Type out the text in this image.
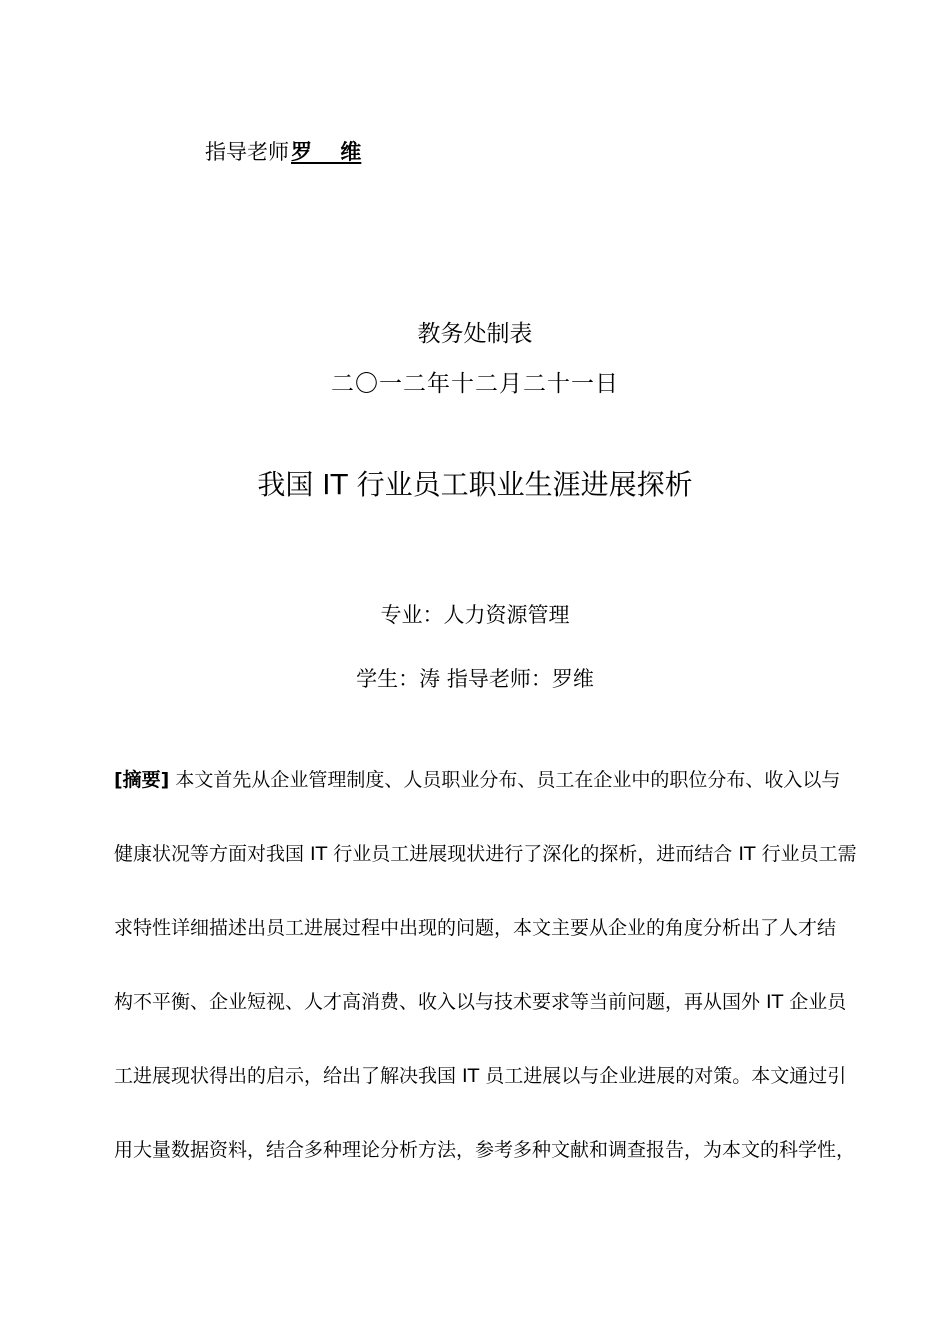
指导老师罗　 维
教务处制表
二〇一二年十二月二十一日
我国 IT 行业员工职业生涯进展探析
专业：人力资源管理
学生：涛 指导老师：罗维
[摘要] 本文首先从企业管理制度、人员职业分布、员工在企业中的职位分布、收入以与
健康状况等方面对我国 IT 行业员工进展现状进行了深化的探析，进而结合 IT 行业员工需
求特性详细描述出员工进展过程中出现的问题，本文主要从企业的角度分析出了人才结
构不平衡、企业短视、人才高消费、收入以与技术要求等当前问题，再从国外 IT 企业员
工进展现状得出的启示，给出了解决我国 IT 员工进展以与企业进展的对策。本文通过引
用大量数据资料，结合多种理论分析方法，参考多种文献和调查报告，为本文的科学性，
